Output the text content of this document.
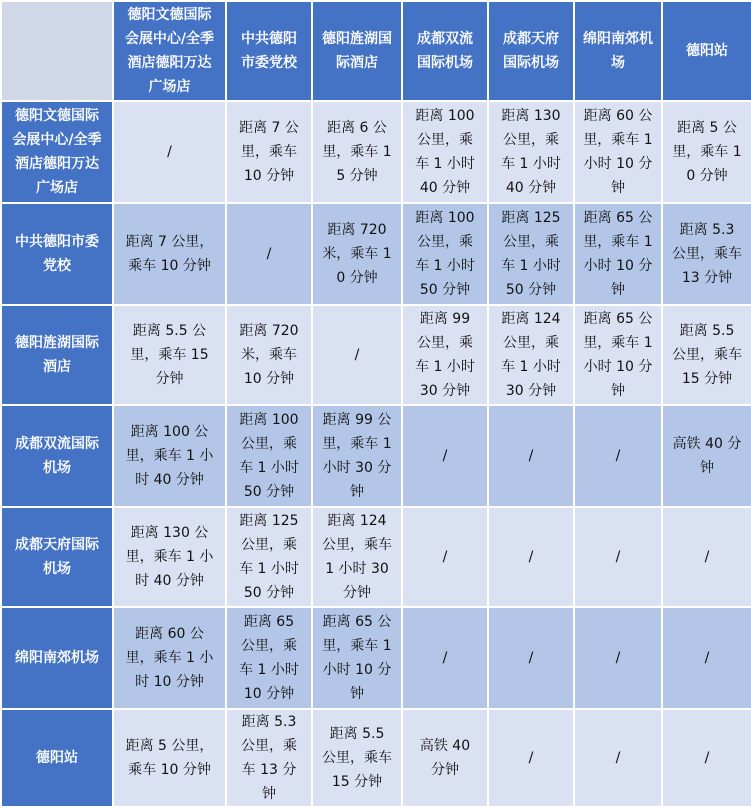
	德阳文德国际会展中心/全季酒店德阳万达广场店	中共德阳市委党校	德阳旌湖国际酒店	成都双流国际机场	成都天府国际机场	绵阳南郊机场	德阳站
德阳文德国际会展中心/全季酒店德阳万达广场店	/	距离 7 公里，乘车 10 分钟	距离 6 公里，乘车 15 分钟	距离 100 公里，乘车 1 小时 40 分钟	距离 130 公里，乘车 1 小时 40 分钟	距离 60 公里，乘车 1 小时 10 分钟	距离 5 公里，乘车 10 分钟
中共德阳市委党校	距离 7 公里，乘车 10 分钟	/	距离 720 米，乘车 10 分钟	距离 100 公里，乘车 1 小时 50 分钟	距离 125 公里，乘车 1 小时 50 分钟	距离 65 公里，乘车 1 小时 10 分钟	距离 5.3 公里，乘车 13 分钟
德阳旌湖国际酒店	距离 5.5 公里，乘车 15 分钟	距离 720 米，乘车 10 分钟	/	距离 99 公里，乘车 1 小时 30 分钟	距离 124 公里，乘车 1 小时 30 分钟	距离 65 公里，乘车 1 小时 10 分钟	距离 5.5 公里，乘车 15 分钟
成都双流国际机场	距离 100 公里，乘车 1 小时 40 分钟	距离 100 公里，乘车 1 小时 50 分钟	距离 99 公里，乘车 1 小时 30 分钟	/	/	/	高铁 40 分钟
成都天府国际机场	距离 130 公里，乘车 1 小时 40 分钟	距离 125 公里，乘车 1 小时 50 分钟	距离 124 公里，乘车 1 小时 30 分钟	/	/	/	/
绵阳南郊机场	距离 60 公里，乘车 1 小时 10 分钟	距离 65 公里，乘车 1 小时 10 分钟	距离 65 公里，乘车 1 小时 10 分钟	/	/	/	/
德阳站	距离 5 公里，乘车 10 分钟	距离 5.3 公里，乘车 13 分钟	距离 5.5 公里，乘车 15 分钟	高铁 40 分钟	/	/	/
